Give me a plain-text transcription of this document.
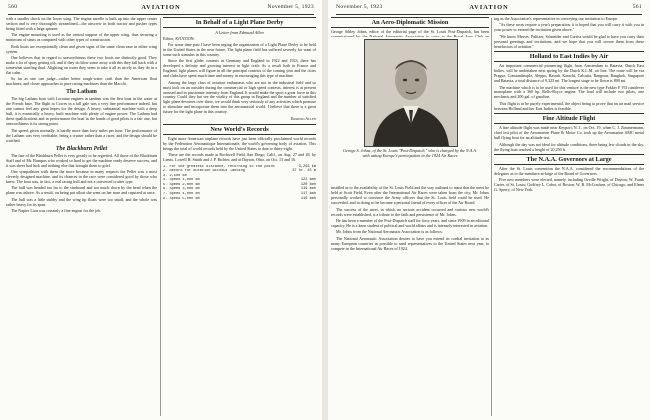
560	AVIATION	November 5, 1923

with a smaller chock on the lower wing. The engine nacelle is built up into the upper center section and is very thoroughly streamlined—the airscrew in both tractor and pusher types being fitted with a large spinner.

The engine mounting is used as the central support of the upper wing, thus securing a minimum of struts as compared with other types of construction.

Both boats are exceptionally clean and given signs of the same clean ease in either wing system.

One believes that in regard to seaworthiness these two boats are distinctly good. They make a lot of spray getting off, and if they do blow some away with this they fall back with a somewhat startling thud. Alighting on water they seem to take it all as nicely as they do in a flat calm.

So far as one can judge—rather better rough-water craft than the American float machines, and closer approaches to pure racing machines than the Macchi.

The Latham

The big Latham boat with Lorraine engines in tandem was the first boat in the water at the French base. The flight to Cowes in a fall gale was a very fine performance indeed, but one cannot feel any great hopes for the design. A heavy, substantial machine with a deep hull, it is essentially a heavy, built machine with plenty of engine power. The Latham had these qualifications and in performance the boat in the hands of good pilots is a fair one, but seaworthiness is its strong point.

The speed, given normally, is hardly more than forty miles per hour. The performance of the Latham was very creditable, being a cruiser rather than a racer, and the design should be watched.

The Blackburn Pellet

The fate of the Blackburn Pellet is very greatly to be regretted. All those of the Blackburn Staff and of Mr. Bumpus who worked so hard to get the machine ready deserve success, and it was sheer bad luck and nothing else that brought them to grief.

One sympathizes with them the more because in many respects the Pellet was a most cleverly designed machine, and its chances in the race were considered good by those who knew. The boat was, in fact, a real racing hull and not a converted cruiser type.

The hull was headed too far to the starboard and too much down by the head when the plane was ashore. As a result, on being put afloat she went on her nose and capsized at once.

The hull was a little stubby and the wing tip floats were too small, and the whole was rather heavy for its span.

The Napier Lion was certainly a fine engine for the job.

In Behalf of a Light Plane Derby
A Letter from Edmund Allen

Editor, AVIATION:

For some time past I have been urging the organization of a Light Plane Derby to be held in the United States in the near future. The light plane field has suffered severely for want of some such stimulus in this country.

Since the first glider contests in Germany and England in 1922 and 1923, there has developed a definite and growing interest in light craft. As a result both in France and England, light planes will figure in all the principal contests of the coming year and the cities and clubs have spent much time and money in encouraging this type of machine.

Among the large class of aviation enthusiasts who are not in the industrial field and so must look on an outsider during the commercial or high speed contests, interest is at present aroused and in passionate intensity from England. It would make the sport a great force in this country. Could they but see the vitality of this group in England and the number of satisfied light plane devotees over there, we would think very seriously of any activities which promise to stimulate and incorporate them into the aeronautical world. I believe that there is a great future for the light plane in this country.

Edmund Allen
New World's Records

Eight more American airplane records have just been officially proclaimed world records by the Fédération Aéronautique Internationale, the world's governing body of aviation. This brings the total of world records held by the United States to date to thirty-eight.

These are the records made at Rockwell Field, San Diego, Calif., on Aug. 27 and 28, by Lieuts. Lowell H. Smith and J. P. Richter, and at Dayton, Ohio, on Oct. 15 and 16.

1. For the greatest distance, returning to the point	3,293 km
2. Record for duration without landing	37 hr. 15 m
3. 2,500 km
4. Speed 1,000 km	122 kmh
5. Speed 2,000 km	120 kmh
6. Speed 3,000 km	119 kmh
7. Speed 4,000 km	117 kmh
8. Speed 5,000 km	116 kmh
November 5, 1923	AVIATION	561
An Aero-Diplomatic Mission

George Sibley Johns, editor of the editorial page of the St. Louis Post-Dispatch, has been

instilled as to the availability of the St. Louis Field and the way outlined to insist that the meet be held at Scott Field. Even after the International Air Races were taken from the city, Mr. Johns personally worked to convince the Army officers that the St. Louis field could be used. He succeeded, and in doing so he became a personal friend of every officer of the Air Board.

The success of the meet, in which no serious accident occurred and various new world's records were established, is a tribute to the faith and persistence of Mr. Johns.

He has been a member of the Post-Dispatch staff for forty years, and since 1909 in an editorial capacity. He is a keen student of political and world affairs and is intensely interested in aviation.

Mr. Johns from the National Aeronautic Association is as follows:

The National Aeronautic Association desires to have you extend its cordial invitation to as many European countries as possible to send representatives to the United States next year, to compete in the International Air Races of 1924.

George S. Johns, of the St. Louis "Post-Dispatch," who is charged by the N.A.A. with asking Europe's participation in the 1924 Air Races

ing as the Association's representative in conveying our invitation to Europe.

"As these races require a year's preparation, it is hoped that you will carry it with you in your power to extend the invitation given above."

"We know Messrs. Pulitzer, Schneider and Curtiss would be glad to have you carry their personal greetings and invitations, and we hope that you will secure them from these benefactors of aviation."

Holland to East Indies by Air

An important commercial pioneering flight from Amsterdam to Batavia, Dutch East Indies, will be undertaken next spring by the Dutch K.L.M. air line. The route will be via Prague, Constantinople, Aleppo, Basrah, Karachi, Calcutta, Rangoon, Bangkok, Singapore and Batavia, a total distance of 9,323 mi. The longest stage to be flown is 800 mi.

The machine which is to be used for this venture is the new type Fokker F VII cantilever monoplane with a 360 hp. Rolls-Royce engine. The load will include two pilots, one mechanic and 200 gal. of gasoline.

This flight is to be purely experimental, the object being to prove that an air mail service between Holland and her East Indies is feasible.

Fine Altitude Flight

A fine altitude flight was made near Keyport, N. J., on Oct. 19, when C. J. Zimmermann, chief test pilot of the Aeromarine Plane & Motor Co. took up the Aeromarine AMC metal hull flying boat for an altitude test.

Although the day was not ideal for altitude conditions, there being few clouds in the sky, the flying boat reached a height of 20,250 ft.

The N.A.A. Governors at Large

After the St. Louis convention the N.A.A. considered the recommendations of the delegates as to the members-at-large of the Board of Governors.

Five new members were elected, namely, including Orville Wright, of Dayton; W. Frank Carter, of St. Louis; Godfrey L. Cabot, of Boston; W. B. McCracken, of Chicago, and Elmer G. Sperry, of New York.
